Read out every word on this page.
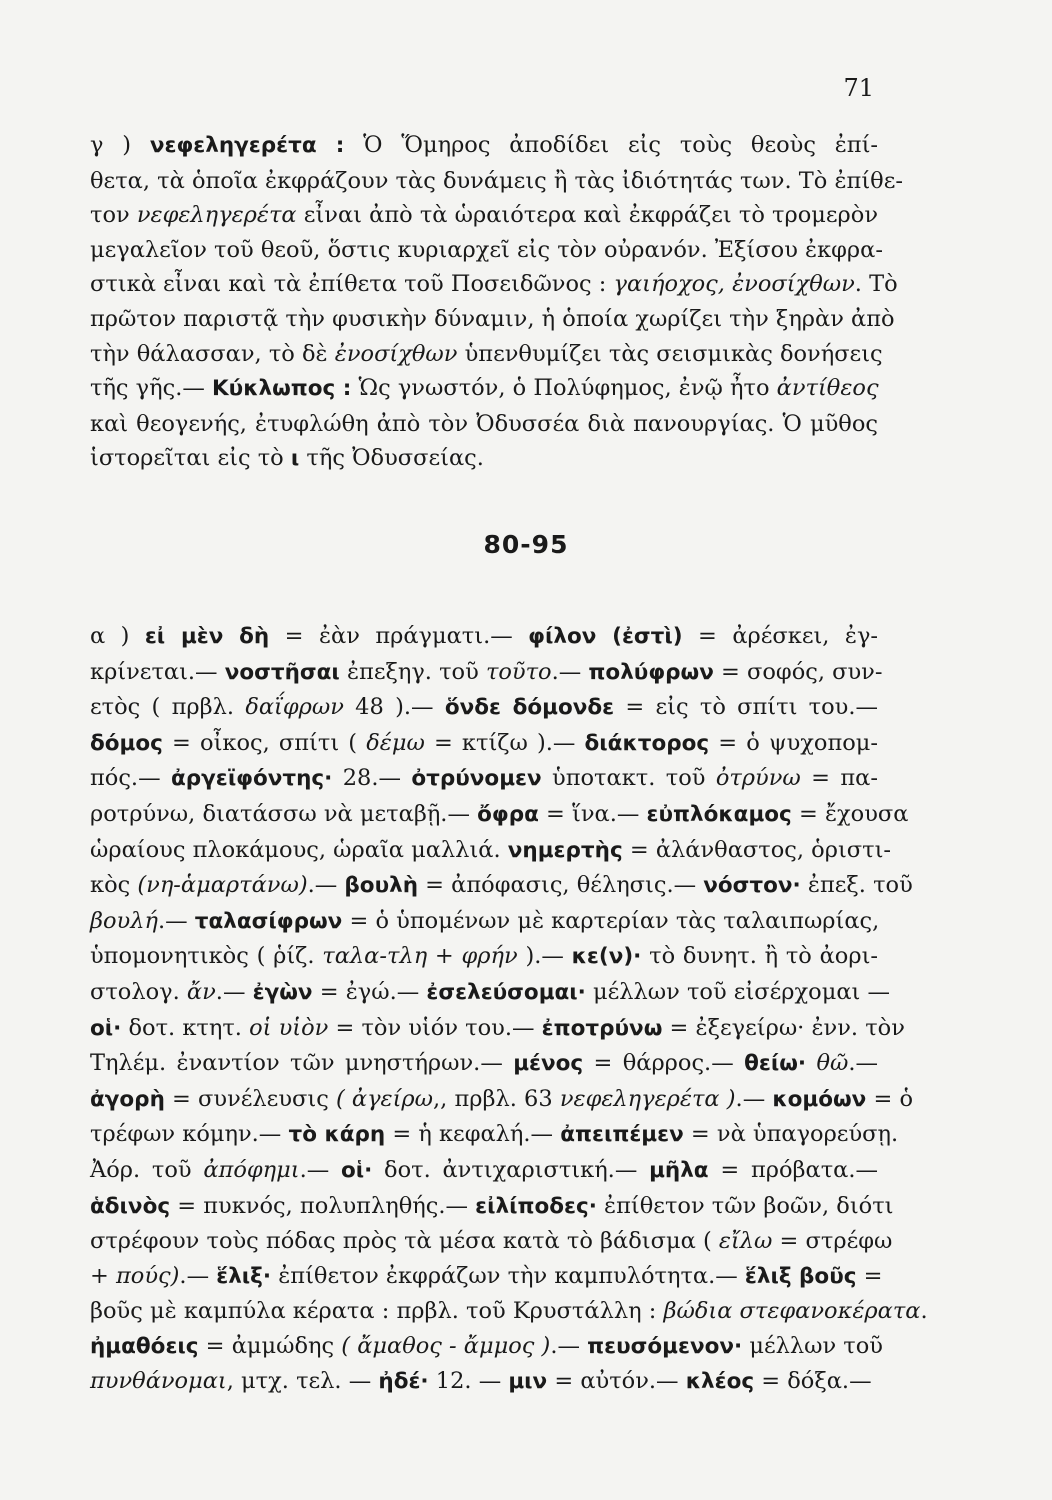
71
γ ) νεφεληγερέτα : Ὁ Ὅμηρος ἀποδίδει εἰς τοὺς θεοὺς ἐπί-
θετα, τὰ ὁποῖα ἐκφράζουν τὰς δυνάμεις ἢ τὰς ἰδιότητάς των. Τὸ ἐπίθε-
τον νεφεληγερέτα εἶναι ἀπὸ τὰ ὡραιότερα καὶ ἐκφράζει τὸ τρομερὸν
μεγαλεῖον τοῦ θεοῦ, ὅστις κυριαρχεῖ εἰς τὸν οὐρανόν. Ἐξίσου ἐκφρα-
στικὰ εἶναι καὶ τὰ ἐπίθετα τοῦ Ποσειδῶνος : γαιήοχος, ἐνοσίχθων. Τὸ
πρῶτον παριστᾷ τὴν φυσικὴν δύναμιν, ἡ ὁποία χωρίζει τὴν ξηρὰν ἀπὸ
τὴν θάλασσαν, τὸ δὲ ἐνοσίχθων ὑπενθυμίζει τὰς σεισμικὰς δονήσεις
τῆς γῆς.— Κύκλωπος : Ὡς γνωστόν, ὁ Πολύφημος, ἐνῷ ἦτο ἀντίθεος
καὶ θεογενής, ἐτυφλώθη ἀπὸ τὸν Ὀδυσσέα διὰ πανουργίας. Ὁ μῦθος
ἱστορεῖται εἰς τὸ ι τῆς Ὀδυσσείας.
80-95
α ) εἰ μὲν δὴ = ἐὰν πράγματι.— φίλον (ἐστὶ) = ἀρέσκει, ἐγ-
κρίνεται.— νοστῆσαι ἐπεξηγ. τοῦ τοῦτο.— πολύφρων = σοφός, συν-
ετὸς ( πρβλ. δαΐφρων 48 ).— ὅνδε δόμονδε = εἰς τὸ σπίτι του.—
δόμος = οἶκος, σπίτι ( δέμω = κτίζω ).— διάκτορος = ὁ ψυχοπομ-
πός.— ἀργεϊφόντης· 28.— ὀτρύνομεν ὑποτακτ. τοῦ ὀτρύνω = πα-
ροτρύνω, διατάσσω νὰ μεταβῇ.— ὄφρα = ἵνα.— εὐπλόκαμος = ἔχουσα
ὡραίους πλοκάμους, ὡραῖα μαλλιά. νημερτὴς = ἀλάνθαστος, ὁριστι-
κὸς (νη-ἁμαρτάνω).— βουλὴ = ἀπόφασις, θέλησις.— νόστον· ἐπεξ. τοῦ
βουλή.— ταλασίφρων = ὁ ὑπομένων μὲ καρτερίαν τὰς ταλαιπωρίας,
ὑπομονητικὸς ( ῥίζ. ταλα-τλη + φρήν ).— κε(ν)· τὸ δυνητ. ἢ τὸ ἀορι-
στολογ. ἄν.— ἐγὼν = ἐγώ.— ἐσελεύσομαι· μέλλων τοῦ εἰσέρχομαι —
οἱ· δοτ. κτητ. οἱ υἱὸν = τὸν υἱόν του.— ἐποτρύνω = ἐξεγείρω· ἐνν. τὸν
Τηλέμ. ἐναντίον τῶν μνηστήρων.— μένος = θάρρος.— θείω· θῶ.—
ἀγορὴ = συνέλευσις ( ἀγείρω,, πρβλ. 63 νεφεληγερέτα ).— κομόων = ὁ
τρέφων κόμην.— τὸ κάρη = ἡ κεφαλή.— ἀπειπέμεν = νὰ ὑπαγορεύσῃ.
Ἀόρ. τοῦ ἀπόφημι.— οἱ· δοτ. ἀντιχαριστική.— μῆλα = πρόβατα.—
ἁδινὸς = πυκνός, πολυπληθής.— εἰλίποδες· ἐπίθετον τῶν βοῶν, διότι
στρέφουν τοὺς πόδας πρὸς τὰ μέσα κατὰ τὸ βάδισμα ( εἴλω = στρέφω
+ πούς).— ἕλιξ· ἐπίθετον ἐκφράζων τὴν καμπυλότητα.— ἕλιξ βοῦς =
βοῦς μὲ καμπύλα κέρατα : πρβλ. τοῦ Κρυστάλλη : βώδια στεφανοκέρατα.
ἠμαθόεις = ἀμμώδης ( ἄμαθος - ἄμμος ).— πευσόμενον· μέλλων τοῦ
πυνθάνομαι, μτχ. τελ. — ἠδέ· 12. — μιν = αὐτόν.— κλέος = δόξα.—
